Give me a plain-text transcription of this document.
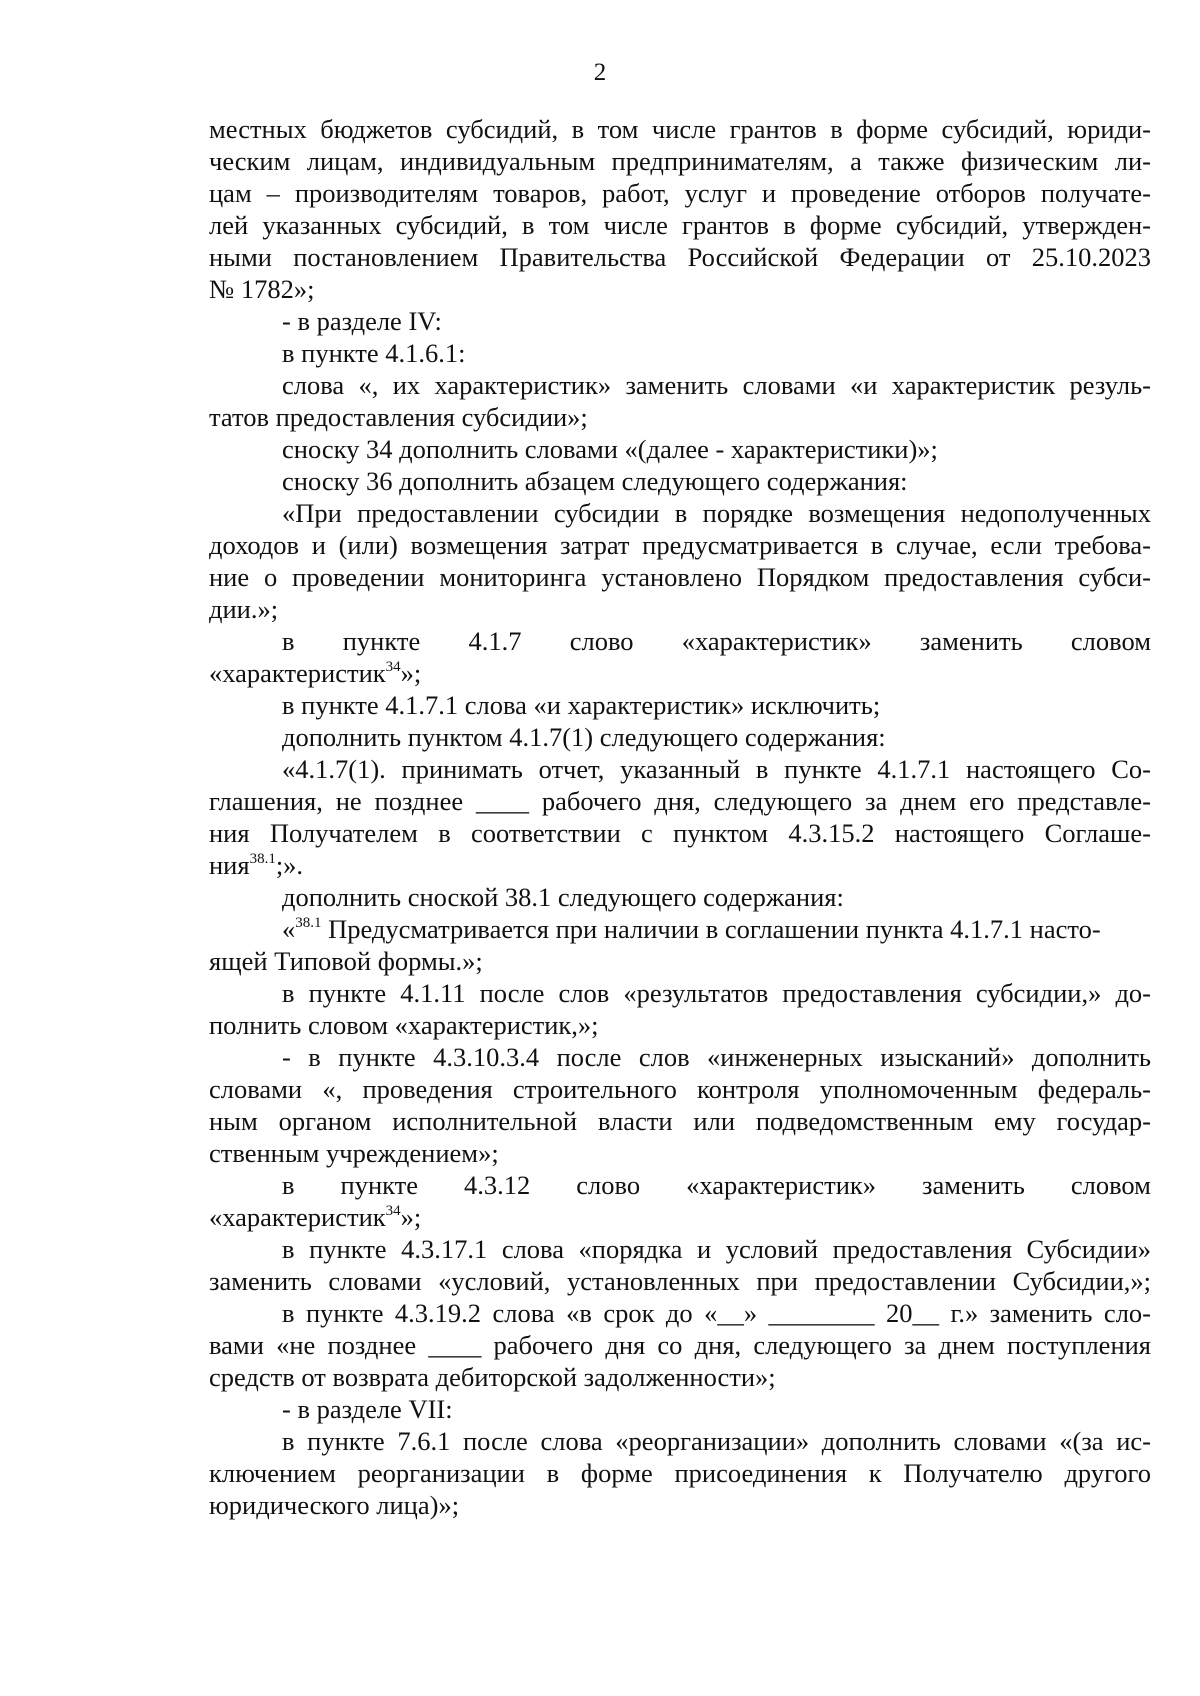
2
местных бюджетов субсидий, в том числе грантов в форме субсидий, юриди-
ческим лицам, индивидуальным предпринимателям, а также физическим ли-
цам – производителям товаров, работ, услуг и проведение отборов получате-
лей указанных субсидий, в том числе грантов в форме субсидий, утвержден-
ными постановлением Правительства Российской Федерации от 25.10.2023
№ 1782»;
- в разделе IV:
в пункте 4.1.6.1:
слова «, их характеристик» заменить словами «и характеристик резуль-
татов предоставления субсидии»;
сноску 34 дополнить словами «(далее - характеристики)»;
сноску 36 дополнить абзацем следующего содержания:
«При предоставлении субсидии в порядке возмещения недополученных
доходов и (или) возмещения затрат предусматривается в случае, если требова-
ние о проведении мониторинга установлено Порядком предоставления субси-
дии.»;
в пункте 4.1.7 слово «характеристик» заменить словом
«характеристик$^{34}$»;
в пункте 4.1.7.1 слова «и характеристик» исключить;
дополнить пунктом 4.1.7(1) следующего содержания:
«4.1.7(1). принимать отчет, указанный в пункте 4.1.7.1 настоящего Со-
глашения, не позднее ____ рабочего дня, следующего за днем его представле-
ния Получателем в соответствии с пунктом 4.3.15.2 настоящего Соглаше-
ния$^{38.1}$;».
дополнить сноской 38.1 следующего содержания:
«$^{38.1}$ Предусматривается при наличии в соглашении пункта 4.1.7.1 насто-
ящей Типовой формы.»;
в пункте 4.1.11 после слов «результатов предоставления субсидии,» до-
полнить словом «характеристик,»;
- в пункте 4.3.10.3.4 после слов «инженерных изысканий» дополнить
словами «, проведения строительного контроля уполномоченным федераль-
ным органом исполнительной власти или подведомственным ему государ-
ственным учреждением»;
в пункте 4.3.12 слово «характеристик» заменить словом
«характеристик$^{34}$»;
в пункте 4.3.17.1 слова «порядка и условий предоставления Субсидии»
заменить словами «условий, установленных при предоставлении Субсидии,»;
в пункте 4.3.19.2 слова «в срок до «__» ________ 20__ г.» заменить сло-
вами «не позднее ____ рабочего дня со дня, следующего за днем поступления
средств от возврата дебиторской задолженности»;
- в разделе VII:
в пункте 7.6.1 после слова «реорганизации» дополнить словами «(за ис-
ключением реорганизации в форме присоединения к Получателю другого
юридического лица)»;
